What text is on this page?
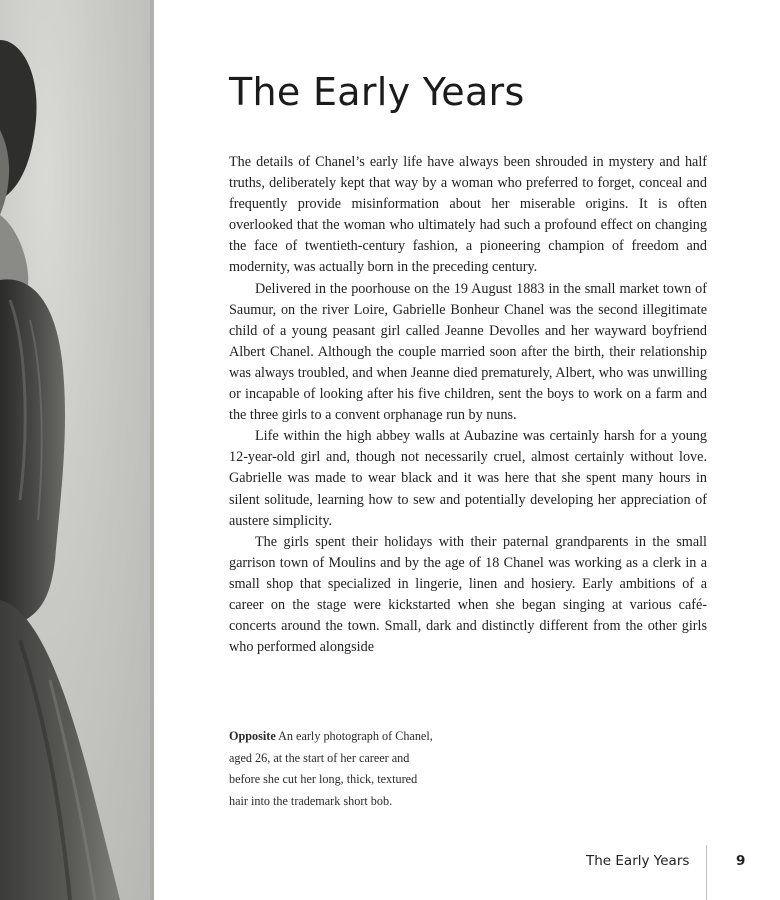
The Early Years

The details of Chanel’s early life have always been shrouded in mystery and half truths, deliberately kept that way by a woman who preferred to forget, conceal and frequently provide misinformation about her miserable origins. It is often overlooked that the woman who ultimately had such a profound effect on changing the face of twentieth-century fashion, a pioneering champion of freedom and modernity, was actually born in the preceding century.

Delivered in the poorhouse on the 19 August 1883 in the small market town of Saumur, on the river Loire, Gabrielle Bonheur Chanel was the second illegitimate child of a young peasant girl called Jeanne Devolles and her wayward boyfriend Albert Chanel. Although the couple married soon after the birth, their relationship was always troubled, and when Jeanne died prematurely, Albert, who was unwilling or incapable of looking after his five children, sent the boys to work on a farm and the three girls to a convent orphanage run by nuns.

Life within the high abbey walls at Aubazine was certainly harsh for a young 12-year-old girl and, though not necessarily cruel, almost certainly without love. Gabrielle was made to wear black and it was here that she spent many hours in silent solitude, learning how to sew and potentially developing her appreciation of austere simplicity.

The girls spent their holidays with their paternal grandparents in the small garrison town of Moulins and by the age of 18 Chanel was working as a clerk in a small shop that specialized in lingerie, linen and hosiery. Early ambitions of a career on the stage were kickstarted when she began singing at various café-concerts around the town. Small, dark and distinctly different from the other girls who performed alongside

Opposite An early photograph of Chanel, aged 26, at the start of her career and before she cut her long, thick, textured hair into the trademark short bob.
The Early Years	9
